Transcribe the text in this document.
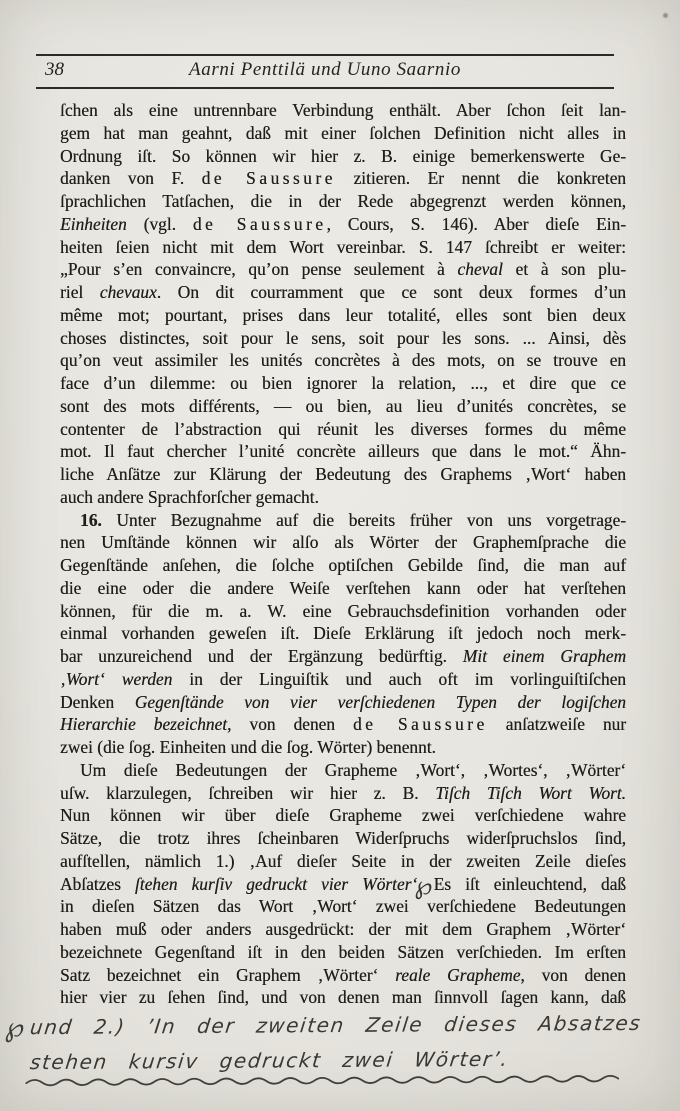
38	Aarni Penttilä und Uuno Saarnio
ſchen als eine untrennbare Verbindung enthält. Aber ſchon ſeit lan-
gem hat man geahnt, daß mit einer ſolchen Definition nicht alles in
Ordnung iſt. So können wir hier z. B. einige bemerkenswerte Ge-
danken von F. de Saussure zitieren. Er nennt die konkreten
ſprachlichen Tatſachen, die in der Rede abgegrenzt werden können,
Einheiten (vgl. de Saussure, Cours, S. 146). Aber dieſe Ein-
heiten ſeien nicht mit dem Wort vereinbar. S. 147 ſchreibt er weiter:
„Pour s’en convaincre, qu’on pense seulement à cheval et à son plu-
riel chevaux. On dit courramment que ce sont deux formes d’un
même mot; pourtant, prises dans leur totalité, elles sont bien deux
choses distinctes, soit pour le sens, soit pour les sons. ... Ainsi, dès
qu’on veut assimiler les unités concrètes à des mots, on se trouve en
face d’un dilemme: ou bien ignorer la relation, ..., et dire que ce
sont des mots différents, — ou bien, au lieu d’unités concrètes, se
contenter de l’abstraction qui réunit les diverses formes du même
mot. Il faut chercher l’unité concrète ailleurs que dans le mot.“ Ähn-
liche Anſätze zur Klärung der Bedeutung des Graphems ‚Wort‘ haben
auch andere Sprachforſcher gemacht.
16. Unter Bezugnahme auf die bereits früher von uns vorgetrage-
nen Umſtände können wir alſo als Wörter der Graphemſprache die
Gegenſtände anſehen, die ſolche optiſchen Gebilde ſind, die man auf
die eine oder die andere Weiſe verſtehen kann oder hat verſtehen
können, für die m. a. W. eine Gebrauchsdefinition vorhanden oder
einmal vorhanden geweſen iſt. Dieſe Erklärung iſt jedoch noch merk-
bar unzureichend und der Ergänzung bedürftig. Mit einem Graphem
‚Wort‘ werden in der Linguiſtik und auch oft im vorlinguiſtiſchen
Denken Gegenſtände von vier verſchiedenen Typen der logiſchen
Hierarchie bezeichnet, von denen de Saussure anſatzweiſe nur
zwei (die ſog. Einheiten und die ſog. Wörter) benennt.
Um dieſe Bedeutungen der Grapheme ‚Wort‘, ‚Wortes‘, ‚Wörter‘
uſw. klarzulegen, ſchreiben wir hier z. B. Tiſch Tiſch Wort Wort.
Nun können wir über dieſe Grapheme zwei verſchiedene wahre
Sätze, die trotz ihres ſcheinbaren Widerſpruchs widerſpruchslos ſind,
aufſtellen, nämlich 1.) ‚Auf dieſer Seite in der zweiten Zeile dieſes
Abſatzes ſtehen kurſiv gedruckt vier Wörter‘℘Es iſt einleuchtend, daß
in dieſen Sätzen das Wort ‚Wort‘ zwei verſchiedene Bedeutungen
haben muß oder anders ausgedrückt: der mit dem Graphem ‚Wörter‘
bezeichnete Gegenſtand iſt in den beiden Sätzen verſchieden. Im erſten
Satz bezeichnet ein Graphem ‚Wörter‘ reale Grapheme, von denen
hier vier zu ſehen ſind, und von denen man ſinnvoll ſagen kann, daß
℘und 2.) ’In der zweiten Zeile dieses Absatzes
stehen kursiv gedruckt zwei Wörter’.
